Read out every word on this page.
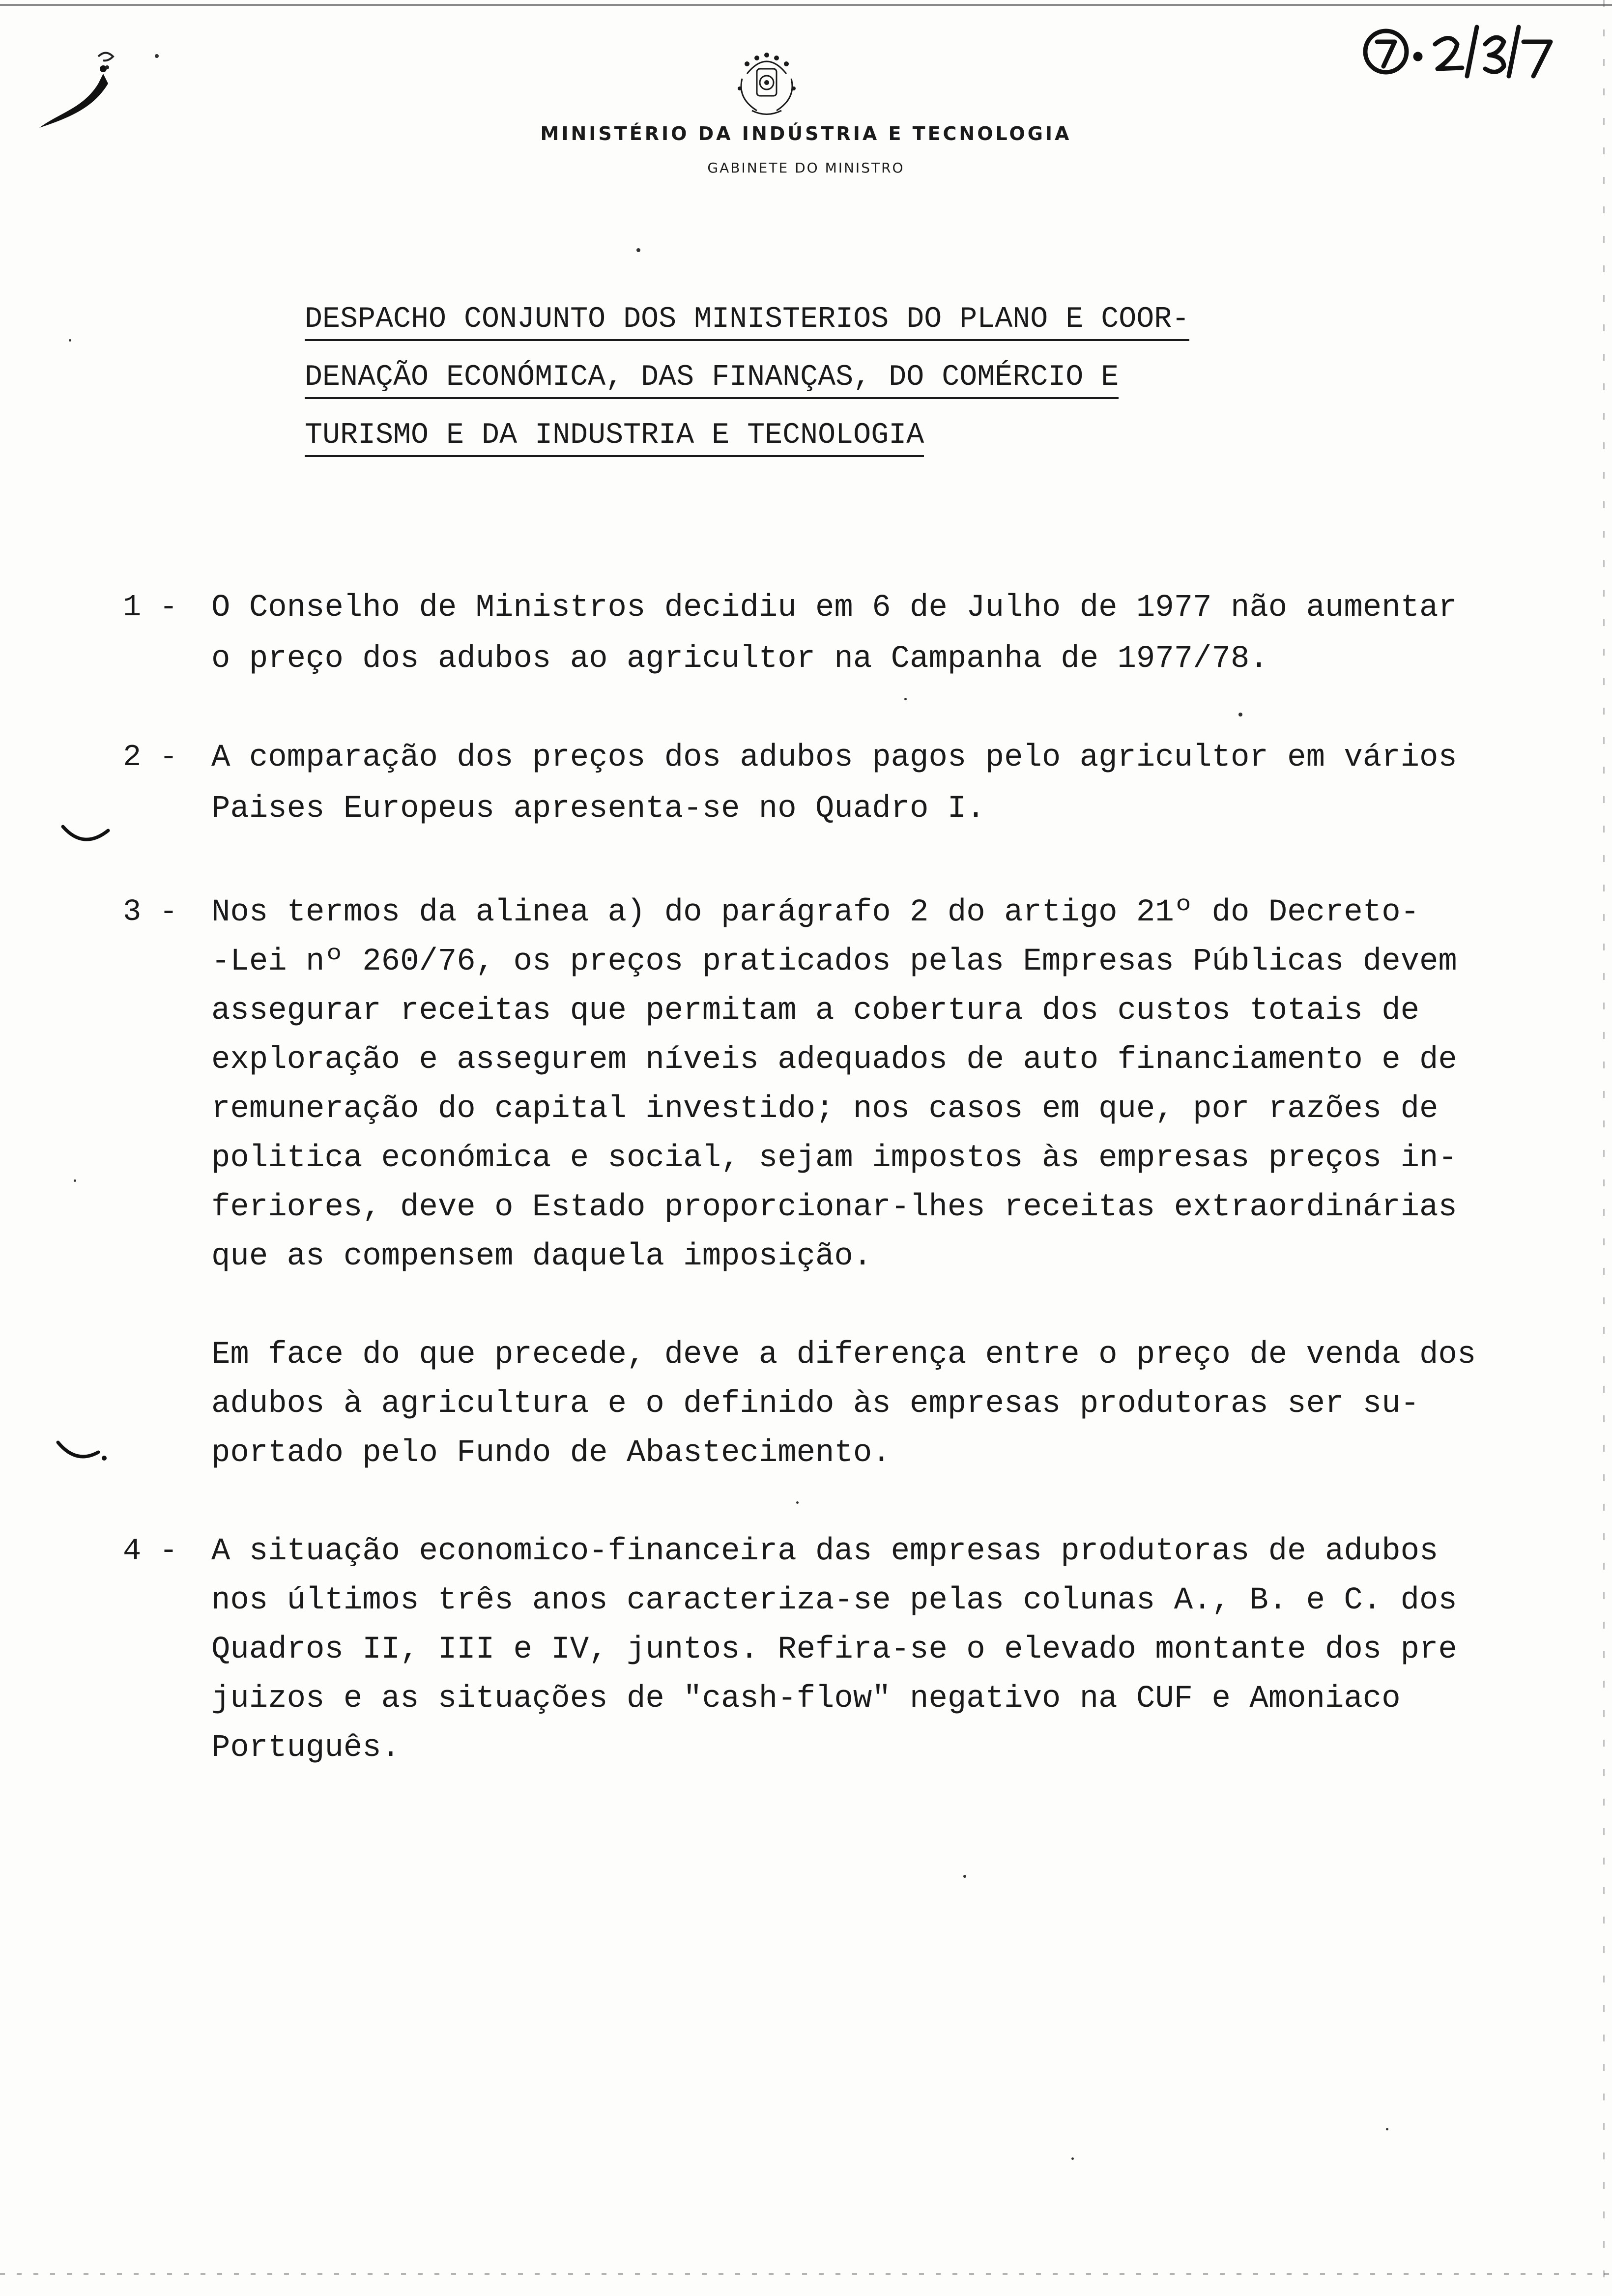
MINISTÉRIO DA INDÚSTRIA E TECNOLOGIA
GABINETE DO MINISTRO
DESPACHO CONJUNTO DOS MINISTERIOS DO PLANO E COOR-
DENAÇÃO ECONÓMICA, DAS FINANÇAS, DO COMÉRCIO E
TURISMO E DA INDUSTRIA E TECNOLOGIA
1 -	O Conselho de Ministros decidiu em 6 de Julho de 1977 não aumentar
o preço dos adubos ao agricultor na Campanha de 1977/78.
2 -	A comparação dos preços dos adubos pagos pelo agricultor em vários
Paises Europeus apresenta-se no Quadro I.
3 -	Nos termos da alinea a) do parágrafo 2 do artigo 21º do Decreto-
-Lei nº 260/76, os preços praticados pelas Empresas Públicas devem
assegurar receitas que permitam a cobertura dos custos totais de
exploração e assegurem níveis adequados de auto financiamento e de
remuneração do capital investido; nos casos em que, por razões de
politica económica e social, sejam impostos às empresas preços in-
feriores, deve o Estado proporcionar-lhes receitas extraordinárias
que as compensem daquela imposição.
Em face do que precede, deve a diferença entre o preço de venda dos
adubos à agricultura e o definido às empresas produtoras ser su-
portado pelo Fundo de Abastecimento.
4 -	A situação economico-financeira das empresas produtoras de adubos
nos últimos três anos caracteriza-se pelas colunas A., B. e C. dos
Quadros II, III e IV, juntos. Refira-se o elevado montante dos pre
juizos e as situações de "cash-flow" negativo na CUF e Amoniaco
Português.
